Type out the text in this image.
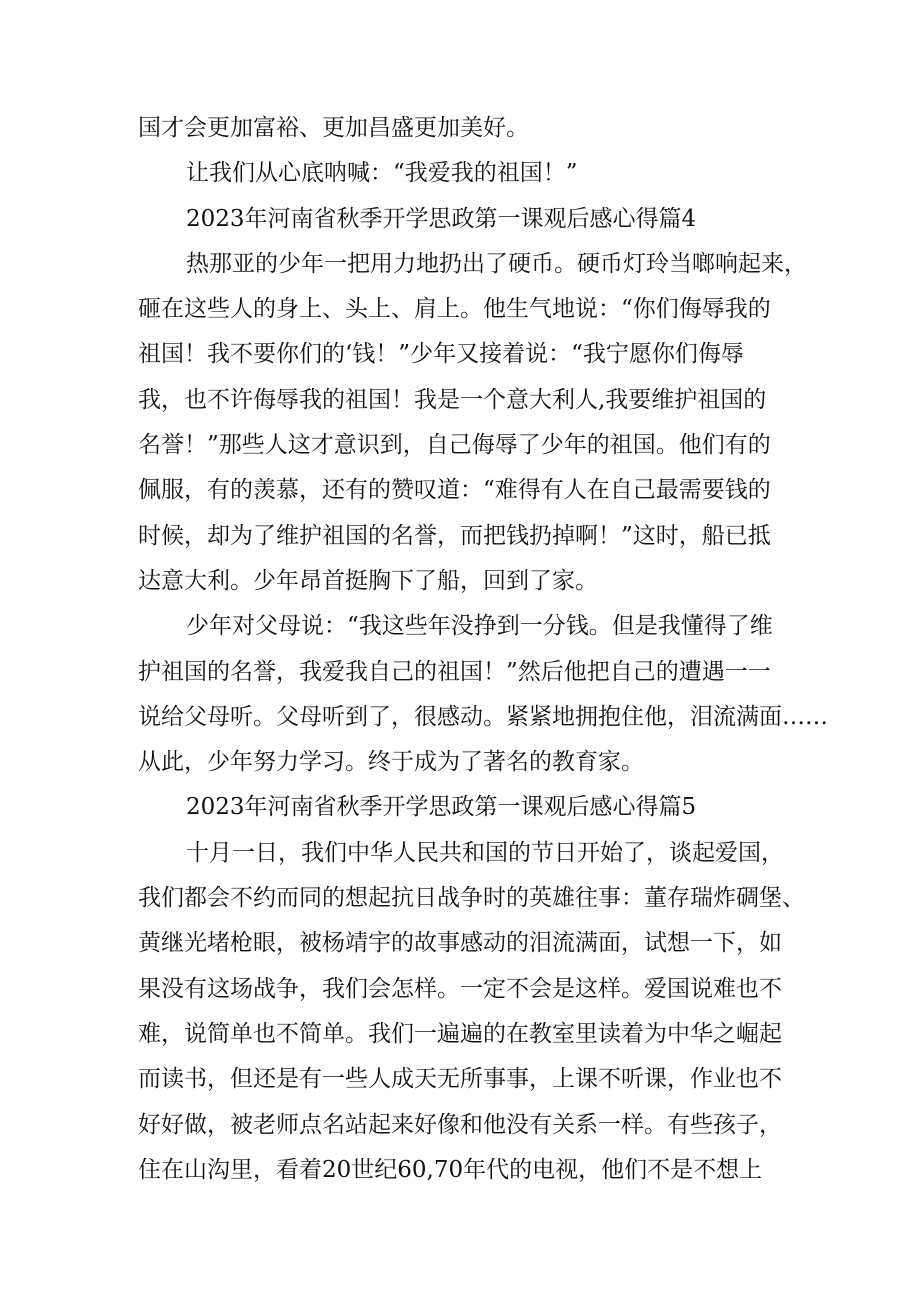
国才会更加富裕、更加昌盛更加美好。
让我们从心底呐喊：“我爱我的祖国！”
2023年河南省秋季开学思政第一课观后感心得篇4
热那亚的少年一把用力地扔出了硬币。硬币灯玲当啷响起来，
砸在这些人的身上、头上、肩上。他生气地说：“你们侮辱我的
祖国！我不要你们的‘钱！”少年又接着说：“我宁愿你们侮辱
我，也不许侮辱我的祖国！我是一个意大利人,我要维护祖国的
名誉！”那些人这才意识到，自己侮辱了少年的祖国。他们有的
佩服，有的羡慕，还有的赞叹道：“难得有人在自己最需要钱的
时候，却为了维护祖国的名誉，而把钱扔掉啊！”这时，船已抵
达意大利。少年昂首挺胸下了船，回到了家。
少年对父母说：“我这些年没挣到一分钱。但是我懂得了维
护祖国的名誉，我爱我自己的祖国！”然后他把自己的遭遇一一
说给父母听。父母听到了，很感动。紧紧地拥抱住他，泪流满面……
从此，少年努力学习。终于成为了著名的教育家。
2023年河南省秋季开学思政第一课观后感心得篇5
十月一日，我们中华人民共和国的节日开始了，谈起爱国，
我们都会不约而同的想起抗日战争时的英雄往事：董存瑞炸碉堡、
黄继光堵枪眼，被杨靖宇的故事感动的泪流满面，试想一下，如
果没有这场战争，我们会怎样。一定不会是这样。爱国说难也不
难，说简单也不简单。我们一遍遍的在教室里读着为中华之崛起
而读书，但还是有一些人成天无所事事，上课不听课，作业也不
好好做，被老师点名站起来好像和他没有关系一样。有些孩子，
住在山沟里，看着20世纪60,70年代的电视，他们不是不想上
